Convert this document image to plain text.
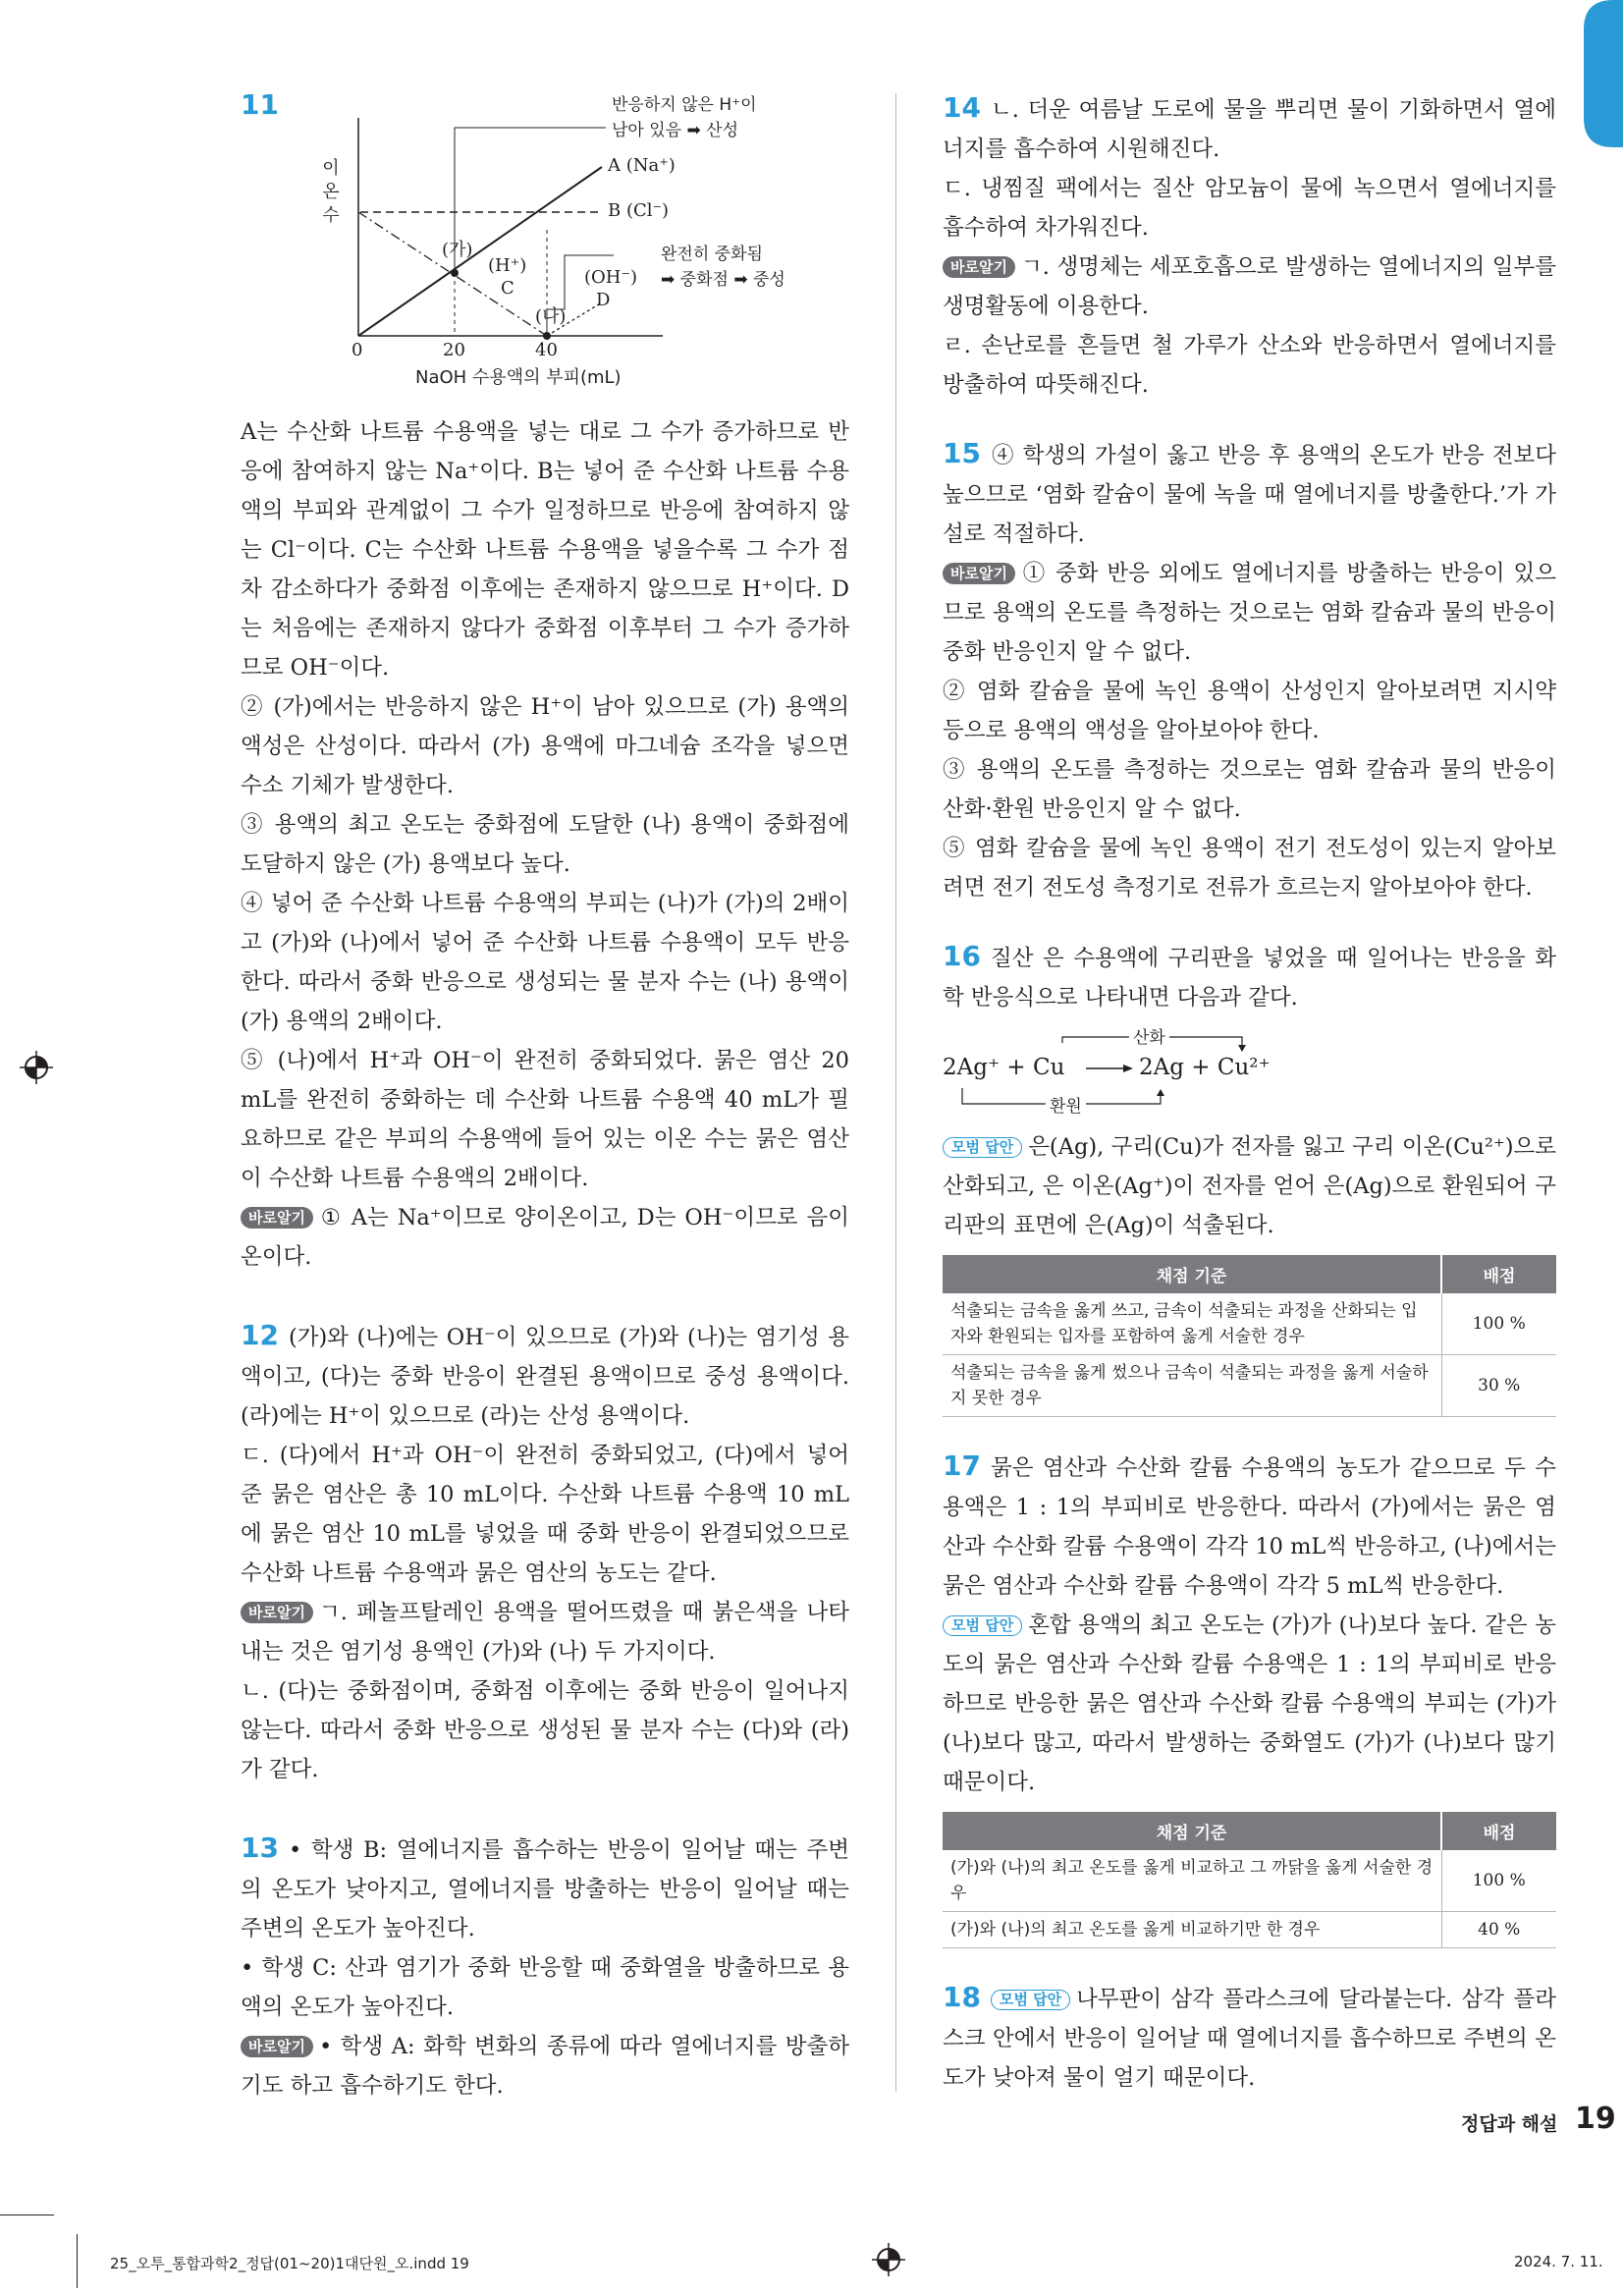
11
이온 수
반응하지 않은 H⁺이
남아 있음 ➡ 산성
A (Na⁺)
B (Cl⁻)
(가)
(H⁺)
C
(OH⁻)
D
(나)
완전히 중화됨
➡ 중화점 ➡ 중성
0	20	40
NaOH 수용액의 부피(mL)

A는 수산화 나트륨 수용액을 넣는 대로 그 수가 증가하므로 반응에 참여하지 않는 Na⁺이다. B는 넣어 준 수산화 나트륨 수용액의 부피와 관계없이 그 수가 일정하므로 반응에 참여하지 않는 Cl⁻이다. C는 수산화 나트륨 수용액을 넣을수록 그 수가 점차 감소하다가 중화점 이후에는 존재하지 않으므로 H⁺이다. D는 처음에는 존재하지 않다가 중화점 이후부터 그 수가 증가하므로 OH⁻이다.

② (가)에서는 반응하지 않은 H⁺이 남아 있으므로 (가) 용액의 액성은 산성이다. 따라서 (가) 용액에 마그네슘 조각을 넣으면 수소 기체가 발생한다.

③ 용액의 최고 온도는 중화점에 도달한 (나) 용액이 중화점에 도달하지 않은 (가) 용액보다 높다.

④ 넣어 준 수산화 나트륨 수용액의 부피는 (나)가 (가)의 2배이고 (가)와 (나)에서 넣어 준 수산화 나트륨 수용액이 모두 반응한다. 따라서 중화 반응으로 생성되는 물 분자 수는 (나) 용액이 (가) 용액의 2배이다.

⑤ (나)에서 H⁺과 OH⁻이 완전히 중화되었다. 묽은 염산 20 mL를 완전히 중화하는 데 수산화 나트륨 수용액 40 mL가 필요하므로 같은 부피의 수용액에 들어 있는 이온 수는 묽은 염산이 수산화 나트륨 수용액의 2배이다.

바로알기 ① A는 Na⁺이므로 양이온이고, D는 OH⁻이므로 음이온이다.

12 (가)와 (나)에는 OH⁻이 있으므로 (가)와 (나)는 염기성 용액이고, (다)는 중화 반응이 완결된 용액이므로 중성 용액이다. (라)에는 H⁺이 있으므로 (라)는 산성 용액이다.

ㄷ. (다)에서 H⁺과 OH⁻이 완전히 중화되었고, (다)에서 넣어 준 묽은 염산은 총 10 mL이다. 수산화 나트륨 수용액 10 mL에 묽은 염산 10 mL를 넣었을 때 중화 반응이 완결되었으므로 수산화 나트륨 수용액과 묽은 염산의 농도는 같다.

바로알기 ㄱ. 페놀프탈레인 용액을 떨어뜨렸을 때 붉은색을 나타내는 것은 염기성 용액인 (가)와 (나) 두 가지이다.

ㄴ. (다)는 중화점이며, 중화점 이후에는 중화 반응이 일어나지 않는다. 따라서 중화 반응으로 생성된 물 분자 수는 (다)와 (라)가 같다.

13 • 학생 B: 열에너지를 흡수하는 반응이 일어날 때는 주변의 온도가 낮아지고, 열에너지를 방출하는 반응이 일어날 때는 주변의 온도가 높아진다.

• 학생 C: 산과 염기가 중화 반응할 때 중화열을 방출하므로 용액의 온도가 높아진다.

바로알기 • 학생 A: 화학 변화의 종류에 따라 열에너지를 방출하기도 하고 흡수하기도 한다.

14 ㄴ. 더운 여름날 도로에 물을 뿌리면 물이 기화하면서 열에너지를 흡수하여 시원해진다.

ㄷ. 냉찜질 팩에서는 질산 암모늄이 물에 녹으면서 열에너지를 흡수하여 차가워진다.

바로알기 ㄱ. 생명체는 세포호흡으로 발생하는 열에너지의 일부를 생명활동에 이용한다.

ㄹ. 손난로를 흔들면 철 가루가 산소와 반응하면서 열에너지를 방출하여 따뜻해진다.

15 ④ 학생의 가설이 옳고 반응 후 용액의 온도가 반응 전보다 높으므로 ‘염화 칼슘이 물에 녹을 때 열에너지를 방출한다.’가 가설로 적절하다.

바로알기 ① 중화 반응 외에도 열에너지를 방출하는 반응이 있으므로 용액의 온도를 측정하는 것으로는 염화 칼슘과 물의 반응이 중화 반응인지 알 수 없다.

② 염화 칼슘을 물에 녹인 용액이 산성인지 알아보려면 지시약 등으로 용액의 액성을 알아보아야 한다.

③ 용액의 온도를 측정하는 것으로는 염화 칼슘과 물의 반응이 산화·환원 반응인지 알 수 없다.

⑤ 염화 칼슘을 물에 녹인 용액이 전기 전도성이 있는지 알아보려면 전기 전도성 측정기로 전류가 흐르는지 알아보아야 한다.

16 질산 은 수용액에 구리판을 넣었을 때 일어나는 반응을 화학 반응식으로 나타내면 다음과 같다.

산화
환원
2Ag⁺ + Cu	2Ag + Cu²⁺

모범 답안 은(Ag), 구리(Cu)가 전자를 잃고 구리 이온(Cu²⁺)으로 산화되고, 은 이온(Ag⁺)이 전자를 얻어 은(Ag)으로 환원되어 구리판의 표면에 은(Ag)이 석출된다.

채점 기준	배점
석출되는 금속을 옳게 쓰고, 금속이 석출되는 과정을 산화되는 입자와 환원되는 입자를 포함하여 옳게 서술한 경우	100 %
석출되는 금속을 옳게 썼으나 금속이 석출되는 과정을 옳게 서술하지 못한 경우	30 %

17 묽은 염산과 수산화 칼륨 수용액의 농도가 같으므로 두 수용액은 1 : 1의 부피비로 반응한다. 따라서 (가)에서는 묽은 염산과 수산화 칼륨 수용액이 각각 10 mL씩 반응하고, (나)에서는 묽은 염산과 수산화 칼륨 수용액이 각각 5 mL씩 반응한다.

모범 답안 혼합 용액의 최고 온도는 (가)가 (나)보다 높다. 같은 농도의 묽은 염산과 수산화 칼륨 수용액은 1 : 1의 부피비로 반응하므로 반응한 묽은 염산과 수산화 칼륨 수용액의 부피는 (가)가 (나)보다 많고, 따라서 발생하는 중화열도 (가)가 (나)보다 많기 때문이다.

채점 기준	배점
(가)와 (나)의 최고 온도를 옳게 비교하고 그 까닭을 옳게 서술한 경우	100 %
(가)와 (나)의 최고 온도를 옳게 비교하기만 한 경우	40 %

18 모범 답안 나무판이 삼각 플라스크에 달라붙는다. 삼각 플라스크 안에서 반응이 일어날 때 열에너지를 흡수하므로 주변의 온도가 낮아져 물이 얼기 때문이다.

정답과 해설 19
25_오투_통합과학2_정답(01~20)1대단원_오.indd 19	2024. 7. 11.
